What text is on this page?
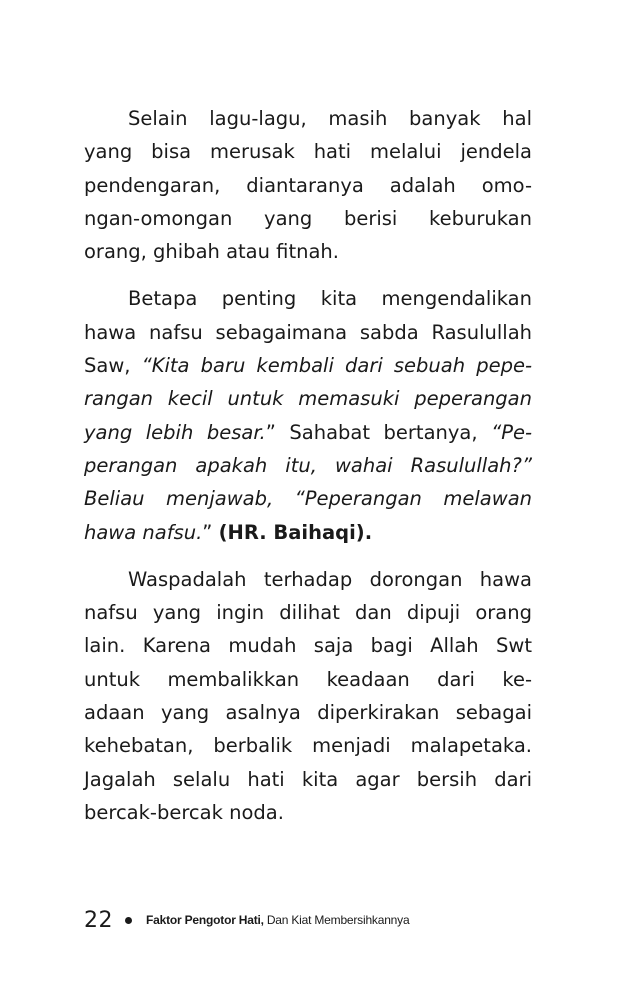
Selain lagu-lagu, masih banyak hal
yang bisa merusak hati melalui jendela
pendengaran, diantaranya adalah omo-
ngan-omongan yang berisi keburukan
orang, ghibah atau fitnah.
Betapa penting kita mengendalikan
hawa nafsu sebagaimana sabda Rasulullah
Saw, “Kita baru kembali dari sebuah pepe-
rangan kecil untuk memasuki peperangan
yang lebih besar.” Sahabat bertanya, “Pe-
perangan apakah itu, wahai Rasulullah?”
Beliau menjawab, “Peperangan melawan
hawa nafsu.” (HR. Baihaqi).
Waspadalah terhadap dorongan hawa
nafsu yang ingin dilihat dan dipuji orang
lain. Karena mudah saja bagi Allah Swt
untuk membalikkan keadaan dari ke-
adaan yang asalnya diperkirakan sebagai
kehebatan, berbalik menjadi malapetaka.
Jagalah selalu hati kita agar bersih dari
bercak-bercak noda.
22	Faktor Pengotor Hati, Dan Kiat Membersihkannya
